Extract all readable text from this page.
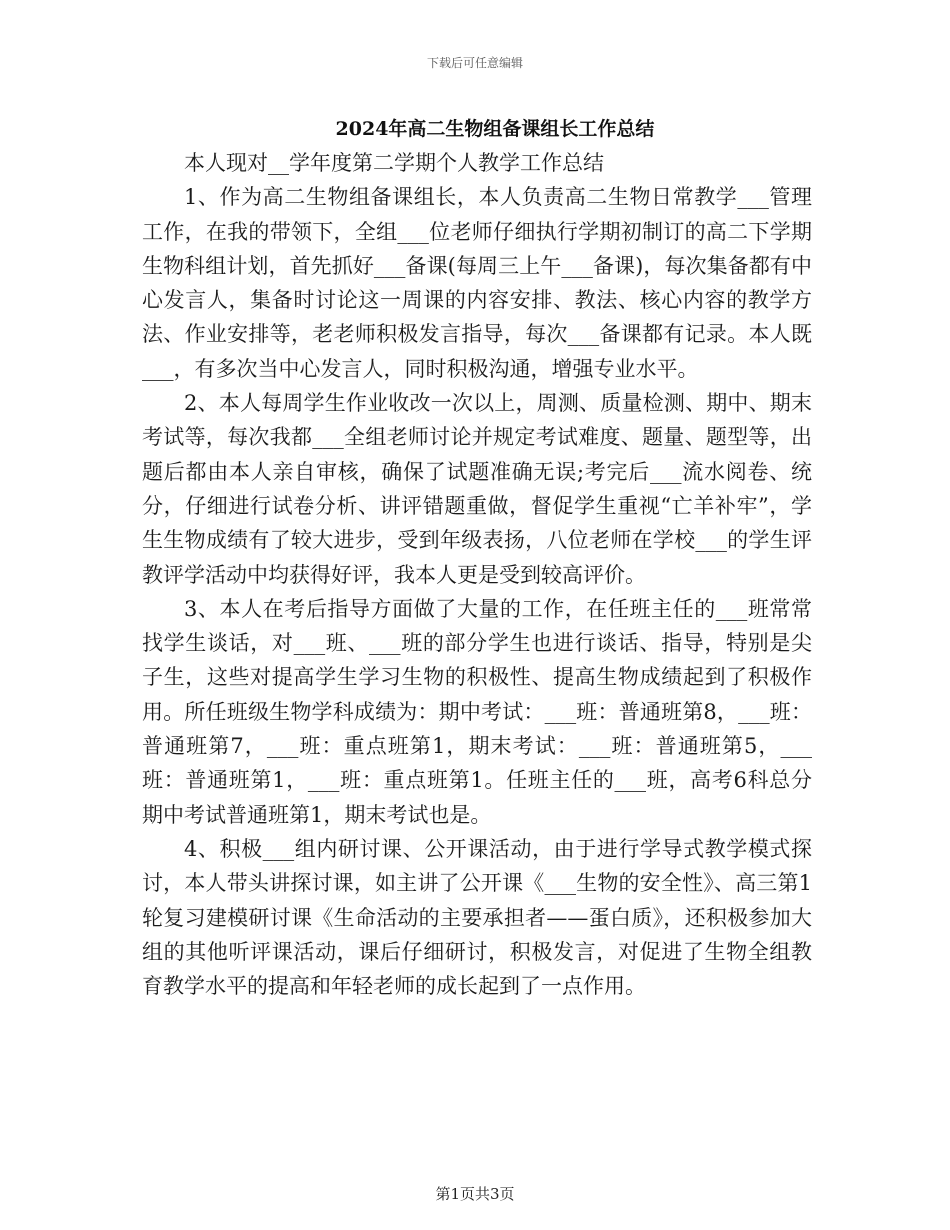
下载后可任意编辑
2024年高二生物组备课组长工作总结

本人现对__学年度第二学期个人教学工作总结

1、作为高二生物组备课组长，本人负责高二生物日常教学___管理工作，在我的带领下，全组___位老师仔细执行学期初制订的高二下学期生物科组计划，首先抓好___备课(每周三上午___备课)，每次集备都有中心发言人，集备时讨论这一周课的内容安排、教法、核心内容的教学方法、作业安排等，老老师积极发言指导，每次___备课都有记录。本人既___，有多次当中心发言人，同时积极沟通，增强专业水平。

2、本人每周学生作业收改一次以上，周测、质量检测、期中、期末考试等，每次我都___全组老师讨论并规定考试难度、题量、题型等，出题后都由本人亲自审核，确保了试题准确无误;考完后___流水阅卷、统分，仔细进行试卷分析、讲评错题重做，督促学生重视“亡羊补牢”，学生生物成绩有了较大进步，受到年级表扬，八位老师在学校___的学生评教评学活动中均获得好评，我本人更是受到较高评价。

3、本人在考后指导方面做了大量的工作，在任班主任的___班常常找学生谈话，对___班、___班的部分学生也进行谈话、指导，特别是尖子生，这些对提高学生学习生物的积极性、提高生物成绩起到了积极作用。所任班级生物学科成绩为：期中考试：___班：普通班第8，___班：普通班第7，___班：重点班第1，期末考试：___班：普通班第5，___班：普通班第1，___班：重点班第1。任班主任的___班，高考6科总分期中考试普通班第1，期末考试也是。

4、积极___组内研讨课、公开课活动，由于进行学导式教学模式探讨，本人带头讲探讨课，如主讲了公开课《___生物的安全性》、高三第1轮复习建模研讨课《生命活动的主要承担者——蛋白质》，还积极参加大组的其他听评课活动，课后仔细研讨，积极发言，对促进了生物全组教育教学水平的提高和年轻老师的成长起到了一点作用。

第1页共3页
